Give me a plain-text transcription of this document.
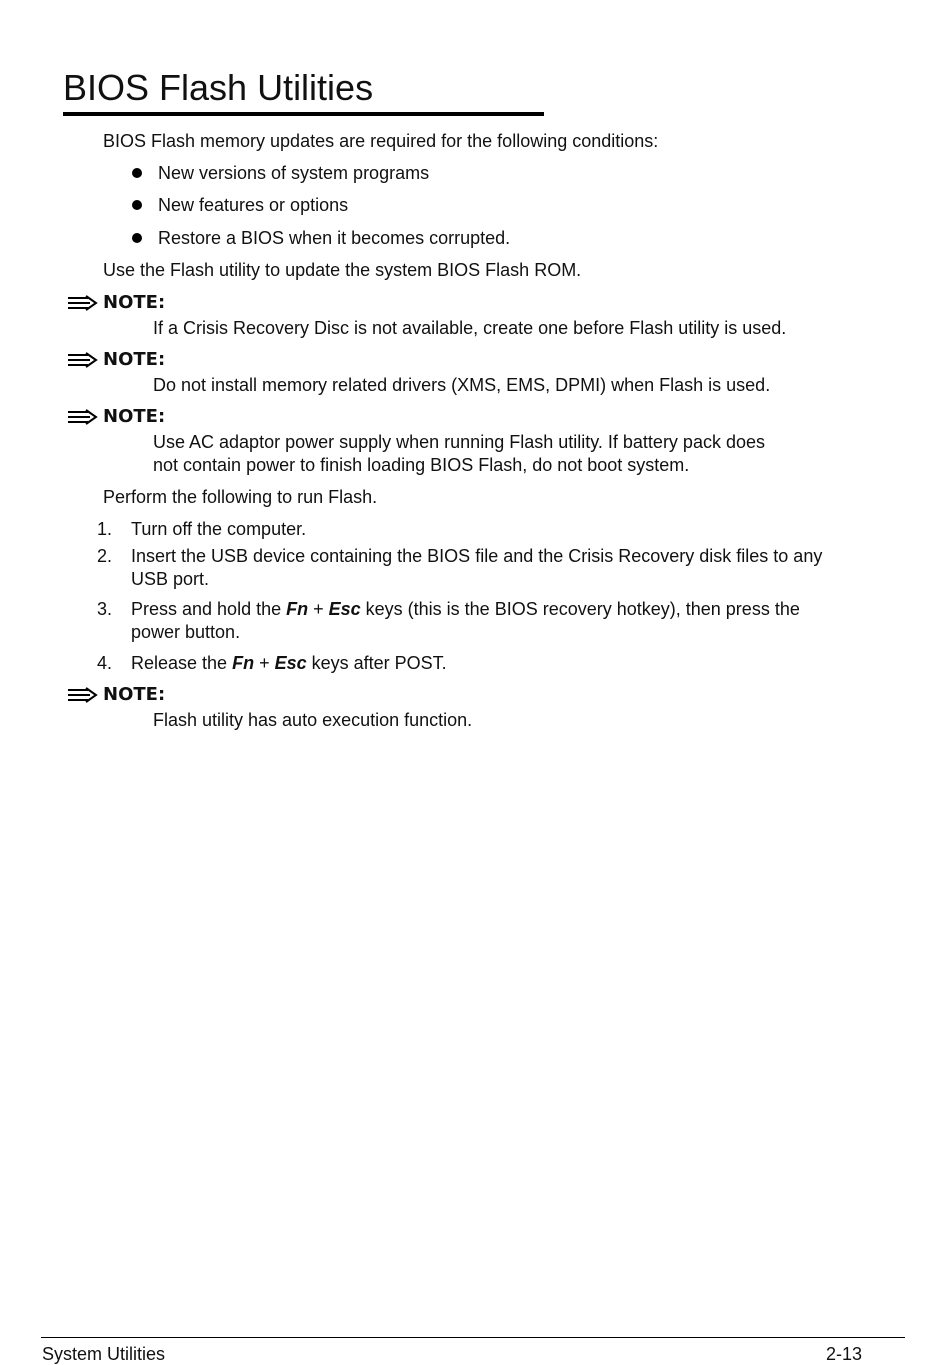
BIOS Flash Utilities
BIOS Flash memory updates are required for the following conditions:
New versions of system programs
New features or options
Restore a BIOS when it becomes corrupted.
Use the Flash utility to update the system BIOS Flash ROM.
NOTE:
If a Crisis Recovery Disc is not available, create one before Flash utility is used.
NOTE:
Do not install memory related drivers (XMS, EMS, DPMI) when Flash is used.
NOTE:
Use AC adaptor power supply when running Flash utility. If battery pack does
not contain power to finish loading BIOS Flash, do not boot system.
Perform the following to run Flash.
1. Turn off the computer.
2. Insert the USB device containing the BIOS file and the Crisis Recovery disk files to any
USB port.
3. Press and hold the Fn + Esc keys (this is the BIOS recovery hotkey), then press the
power button.
4. Release the Fn + Esc keys after POST.
NOTE:
Flash utility has auto execution function.
System Utilities	2-13
